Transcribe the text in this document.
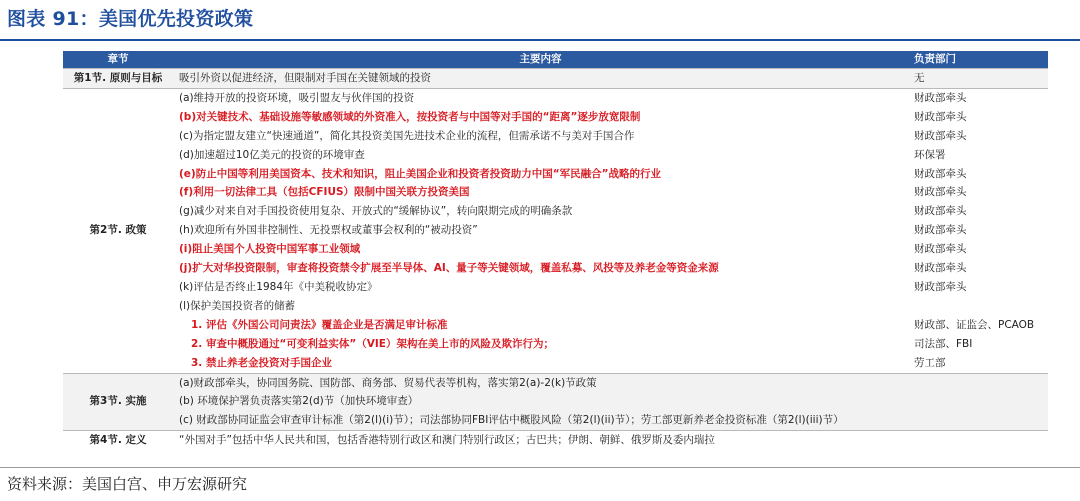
图表 91：美国优先投资政策
章节	主要内容	负责部门
第1节. 原则与目标	吸引外资以促进经济，但限制对手国在关键领域的投资	无
	(a)维持开放的投资环境，吸引盟友与伙伴国的投资	财政部牵头
	(b)对关键技术、基础设施等敏感领域的外资准入，按投资者与中国等对手国的“距离”逐步放宽限制	财政部牵头
	(c)为指定盟友建立“快速通道”，简化其投资美国先进技术企业的流程，但需承诺不与美对手国合作	财政部牵头
	(d)加速超过10亿美元的投资的环境审查	环保署
	(e)防止中国等利用美国资本、技术和知识，阻止美国企业和投资者投资助力中国“军民融合”战略的行业	财政部牵头
	(f)利用一切法律工具（包括CFIUS）限制中国关联方投资美国	财政部牵头
	(g)减少对来自对手国投资使用复杂、开放式的“缓解协议”，转向限期完成的明确条款	财政部牵头
第2节. 政策	(h)欢迎所有外国非控制性、无投票权或董事会权利的“被动投资”	财政部牵头
	(i)阻止美国个人投资中国军事工业领域	财政部牵头
	(j)扩大对华投资限制，审查将投资禁令扩展至半导体、AI、量子等关键领域，覆盖私募、风投等及养老金等资金来源	财政部牵头
	(k)评估是否终止1984年《中美税收协定》	财政部牵头
	(l)保护美国投资者的储蓄	
	1. 评估《外国公司问责法》覆盖企业是否满足审计标准	财政部、证监会、PCAOB
	2. 审查中概股通过“可变利益实体”（VIE）架构在美上市的风险及欺诈行为；	司法部、FBI
	3. 禁止养老金投资对手国企业	劳工部
	(a)财政部牵头，协同国务院、国防部、商务部、贸易代表等机构，落实第2(a)-2(k)节政策	
第3节. 实施	(b) 环境保护署负责落实第2(d)节（加快环境审查）	
	(c) 财政部协同证监会审查审计标准（第2(l)(i)节）；司法部协同FBI评估中概股风险（第2(l)(ii)节）；劳工部更新养老金投资标准（第2(l)(iii)节）	
第4节. 定义	“外国对手”包括中华人民共和国，包括香港特别行政区和澳门特别行政区；古巴共；伊朗、朝鲜、俄罗斯及委内瑞拉	
资料来源：美国白宫、申万宏源研究
